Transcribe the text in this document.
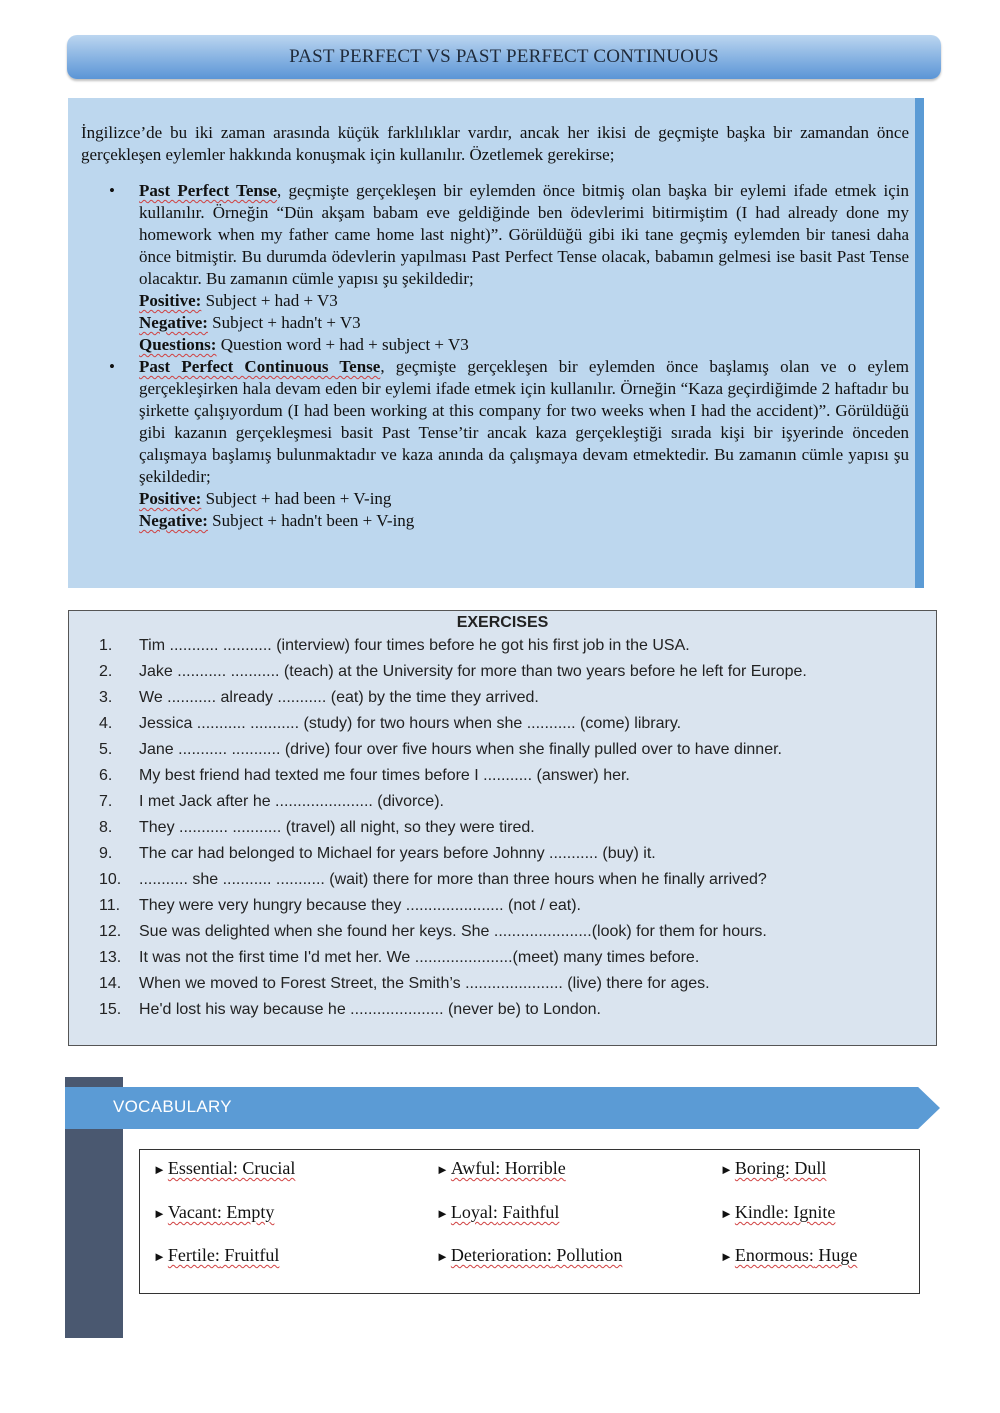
PAST PERFECT VS PAST PERFECT CONTINUOUS
İngilizce’de bu iki zaman arasında küçük farklılıklar vardır, ancak her ikisi de geçmişte başka bir zamandan önce gerçekleşen eylemler hakkında konuşmak için kullanılır. Özetlemek gerekirse;
• Past Perfect Tense, geçmişte gerçekleşen bir eylemden önce bitmiş olan başka bir eylemi ifade etmek için kullanılır. Örneğin “Dün akşam babam eve geldiğinde ben ödevlerimi bitirmiştim (I had already done my homework when my father came home last night)”. Görüldüğü gibi iki tane geçmiş eylemden bir tanesi daha önce bitmiştir. Bu durumda ödevlerin yapılması Past Perfect Tense olacak, babamın gelmesi ise basit Past Tense olacaktır. Bu zamanın cümle yapısı şu şekildedir;
Positive: Subject + had + V3
Negative: Subject + hadn't + V3
Questions: Question word + had + subject + V3
• Past Perfect Continuous Tense, geçmişte gerçekleşen bir eylemden önce başlamış olan ve o eylem gerçekleşirken hala devam eden bir eylemi ifade etmek için kullanılır. Örneğin “Kaza geçirdiğimde 2 haftadır bu şirkette çalışıyordum (I had been working at this company for two weeks when I had the accident)”. Görüldüğü gibi kazanın gerçekleşmesi basit Past Tense’tir ancak kaza gerçekleştiği sırada kişi bir işyerinde önceden çalışmaya başlamış bulunmaktadır ve kaza anında da çalışmaya devam etmektedir. Bu zamanın cümle yapısı şu şekildedir;
Positive: Subject + had been + V-ing
Negative: Subject + hadn't been + V-ing
EXERCISES
1. Tim ........... ........... (interview) four times before he got his first job in the USA.
2. Jake ........... ........... (teach) at the University for more than two years before he left for Europe.
3. We ........... already ........... (eat) by the time they arrived.
4. Jessica ........... ........... (study) for two hours when she ........... (come) library.
5. Jane ........... ........... (drive) four over five hours when she finally pulled over to have dinner.
6. My best friend had texted me four times before I ........... (answer) her.
7. I met Jack after he ...................... (divorce).
8. They ........... ........... (travel) all night, so they were tired.
9. The car had belonged to Michael for years before Johnny ........... (buy) it.
10. ........... she ........... ........... (wait) there for more than three hours when he finally arrived?
11. They were very hungry because they ...................... (not / eat).
12. Sue was delighted when she found her keys. She ......................(look) for them for hours.
13. It was not the first time I'd met her. We ......................(meet) many times before.
14. When we moved to Forest Street, the Smith’s ...................... (live) there for ages.
15. He'd lost his way because he ..................... (never be) to London.
VOCABULARY
► Essential: Crucial	► Awful: Horrible	► Boring: Dull
► Vacant: Empty	► Loyal: Faithful	► Kindle: Ignite
► Fertile: Fruitful	► Deterioration: Pollution	► Enormous: Huge
